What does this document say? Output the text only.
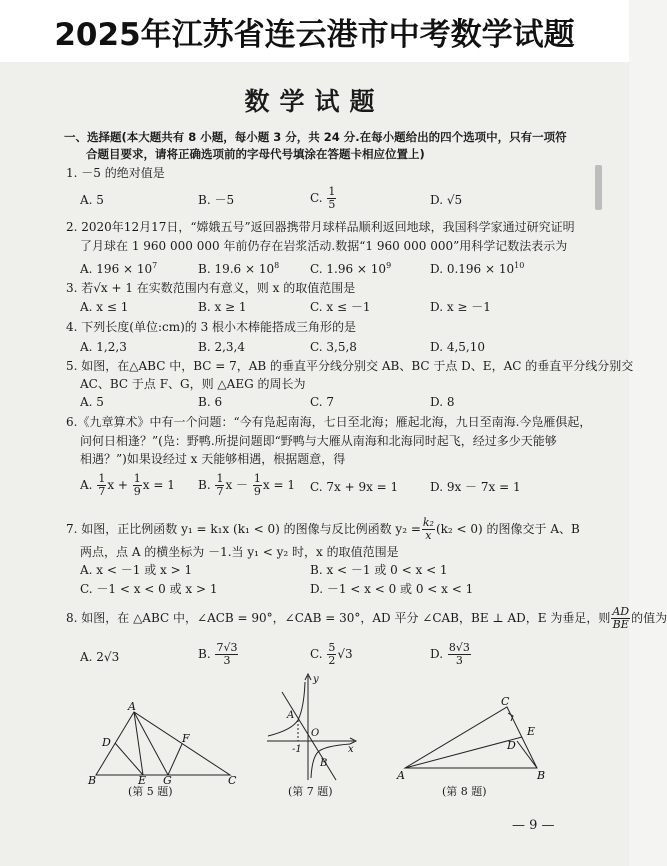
2025年江苏省连云港市中考数学试题
数学试题
一、选择题(本大题共有 8 小题，每小题 3 分，共 24 分.在每小题给出的四个选项中，只有一项符
合题目要求，请将正确选项前的字母代号填涂在答题卡相应位置上)
1. －5 的绝对值是
A. 5	B. －5	C. $\frac{1}{5}$	D. √5
2. 2020年12月17日，“嫦娥五号”返回器携带月球样品顺利返回地球，我国科学家通过研究证明
了月球在 1 960 000 000 年前仍存在岩浆活动.数据“1 960 000 000”用科学记数法表示为
A. $196 \times 10^7$	B. $19.6 \times 10^8$	C. $1.96 \times 10^9$	D. $0.196 \times 10^{10}$
3. 若√x + 1 在实数范围内有意义，则 x 的取值范围是
A. x ≤ 1	B. x ≥ 1	C. x ≤ －1	D. x ≥ －1
4. 下列长度(单位:cm)的 3 根小木棒能搭成三角形的是
A. 1,2,3	B. 2,3,4	C. 3,5,8	D. 4,5,10
5. 如图，在△ABC 中，BC = 7，AB 的垂直平分线分别交 AB、BC 于点 D、E，AC 的垂直平分线分别交
AC、BC 于点 F、G，则 △AEG 的周长为
A. 5	B. 6	C. 7	D. 8
6.《九章算术》中有一个问题：“今有凫起南海，七日至北海；雁起北海，九日至南海.今凫雁俱起，
问何日相逢？”(凫：野鸭.所提问题即“野鸭与大雁从南海和北海同时起飞，经过多少天能够
相遇？”)如果设经过 x 天能够相遇，根据题意，得
A. $\frac{1}{7}$ $x + \frac{1}{9}$ x = 1 B. $\frac{1}{7}$ $x - \frac{1}{9}$ x = 1 C. 7x + 9x = 1	D. 9x － 7x = 1
7. 如图，正比例函数 y₁ = k₁x (k₁ < 0) 的图像与反比例函数 $y_2 = \frac{\text{k₂}}{x} (k_2 < 0)$ 的图像交于 A、B
两点，点 A 的横坐标为 －1.当 y₁ < y₂ 时，x 的取值范围是
A. x < －1 或 x > 1	B. x < －1 或 0 < x < 1
C. －1 < x < 0 或 x > 1	D. －1 < x < 0 或 0 < x < 1
8. 如图，在 △ABC 中，∠ACB = 90°，∠CAB = 30°，AD 平分 ∠CAB，BE ⊥ AD，E 为垂足，则 $\frac{AD}{BE}$ 的值为
A. 2√3	B. $\frac{7√3}{3}$	C. $\frac{5}{2} √3$	D. $\frac{8√3}{3}$
A
D	F
B	E G	C
(第 5 题)
y
A
O
-1	x
B
(第 7 题)
C
E
D
A	B
(第 8 题)
— 9 —
